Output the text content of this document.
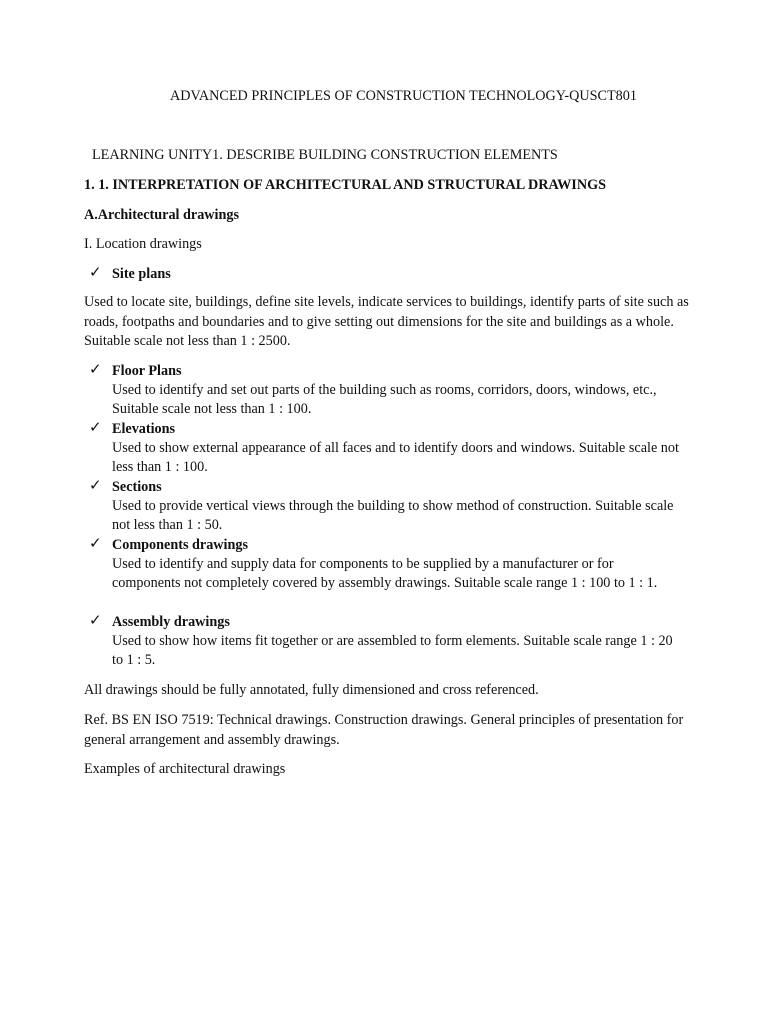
ADVANCED PRINCIPLES OF CONSTRUCTION TECHNOLOGY-QUSCT801
LEARNING UNITY1. DESCRIBE BUILDING CONSTRUCTION ELEMENTS
1. 1. INTERPRETATION OF ARCHITECTURAL AND STRUCTURAL DRAWINGS
A.Architectural drawings
I. Location drawings
✓ Site plans
Used to locate site, buildings, define site levels, indicate services to buildings, identify parts of site such as roads, footpaths and boundaries and to give setting out dimensions for the site and buildings as a whole. Suitable scale not less than 1 : 2500.
✓ Floor Plans
Used to identify and set out parts of the building such as rooms, corridors, doors, windows, etc., Suitable scale not less than 1 : 100.
✓ Elevations
Used to show external appearance of all faces and to identify doors and windows. Suitable scale not less than 1 : 100.
✓ Sections
Used to provide vertical views through the building to show method of construction. Suitable scale not less than 1 : 50.
✓ Components drawings
Used to identify and supply data for components to be supplied by a manufacturer or for components not completely covered by assembly drawings. Suitable scale range 1 : 100 to 1 : 1.
✓ Assembly drawings
Used to show how items fit together or are assembled to form elements. Suitable scale range 1 : 20 to 1 : 5.
All drawings should be fully annotated, fully dimensioned and cross referenced.
Ref. BS EN ISO 7519: Technical drawings. Construction drawings. General principles of presentation for general arrangement and assembly drawings.
Examples of architectural drawings
